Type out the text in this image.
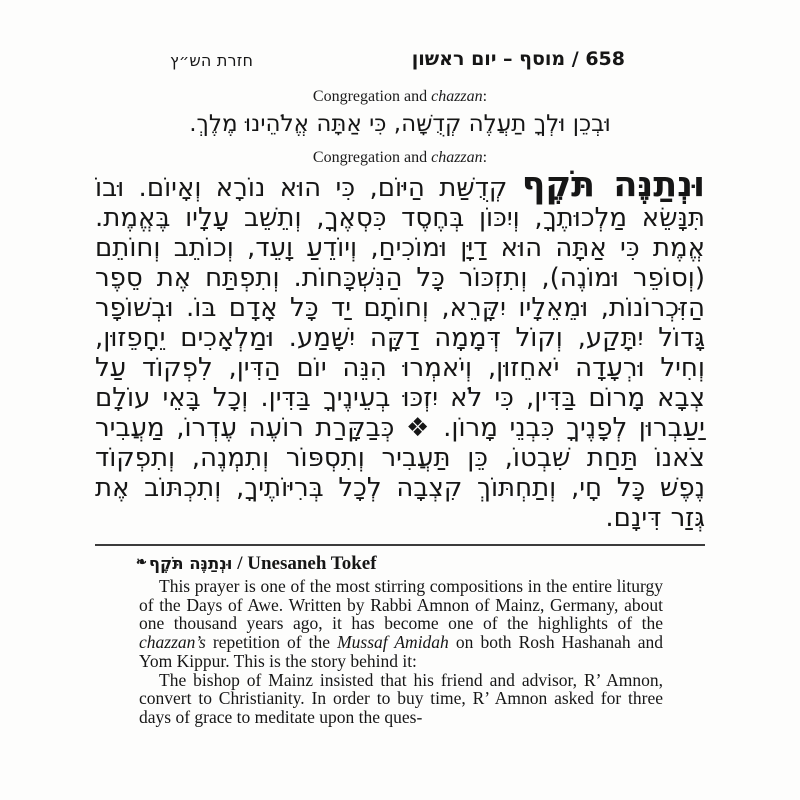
חזרת הש״ץ	658 / מוסף – יום ראשון
Congregation and chazzan:
וּבְכֵן וּלְךָ תַעֲלֶה קְדֻשָּׁה, כִּי אַתָּה אֱלֹהֵינוּ מֶלֶךְ.
Congregation and chazzan:

וּנְתַנֶּה תֹּקֶף קְדֻשַּׁת הַיּוֹם, כִּי הוּא נוֹרָא וְאָיוֹם. וּבוֹ תִּנָּשֵׂא מַלְכוּתֶךָ, וְיִכּוֹן בְּחֶסֶד כִּסְאֶךָ, וְתֵשֵׁב עָלָיו בֶּאֱמֶת. אֱמֶת כִּי אַתָּה הוּא דַיָּן וּמוֹכִיחַ, וְיוֹדֵעַ וָעֵד, וְכוֹתֵב וְחוֹתֵם (וְסוֹפֵר וּמוֹנֶה), וְתִזְכּוֹר כָּל הַנִּשְׁכָּחוֹת. וְתִפְתַּח אֶת סֵפֶר הַזִּכְרוֹנוֹת, וּמֵאֵלָיו יִקָּרֵא, וְחוֹתָם יַד כָּל אָדָם בּוֹ. וּבְשׁוֹפָר גָּדוֹל יִתָּקַע, וְקוֹל דְּמָמָה דַקָּה יִשָּׁמַע. וּמַלְאָכִים יֵחָפֵזוּן, וְחִיל וּרְעָדָה יֹאחֵזוּן, וְיֹאמְרוּ הִנֵּה יוֹם הַדִּין, לִפְקוֹד עַל צְבָא מָרוֹם בַּדִּין, כִּי לֹא יִזְכּוּ בְעֵינֶיךָ בַּדִּין. וְכָל בָּאֵי עוֹלָם יַעַבְרוּן לְפָנֶיךָ כִּבְנֵי מָרוֹן. ❖ כְּבַקָּרַת רוֹעֶה עֶדְרוֹ, מַעֲבִיר צֹאנוֹ תַּחַת שִׁבְטוֹ, כֵּן תַּעֲבִיר וְתִסְפּוֹר וְתִמְנֶה, וְתִפְקוֹד נֶפֶשׁ כָּל חָי, וְתַחְתּוֹךְ קִצְבָה לְכָל בְּרִיּוֹתֶיךָ, וְתִכְתּוֹב אֶת גְּזַר דִּינָם.

❧ וּנְתַנֶּה תֹּקֶף / Unesaneh Tokef

This prayer is one of the most stirring compositions in the entire liturgy of the Days of Awe. Written by Rabbi Amnon of Mainz, Germany, about one thousand years ago, it has become one of the highlights of the chazzan’s repetition of the Mussaf Amidah on both Rosh Hashanah and Yom Kippur. This is the story behind it:

The bishop of Mainz insisted that his friend and advisor, R’ Amnon, convert to Christianity. In order to buy time, R’ Amnon asked for three days of grace to meditate upon the ques-
